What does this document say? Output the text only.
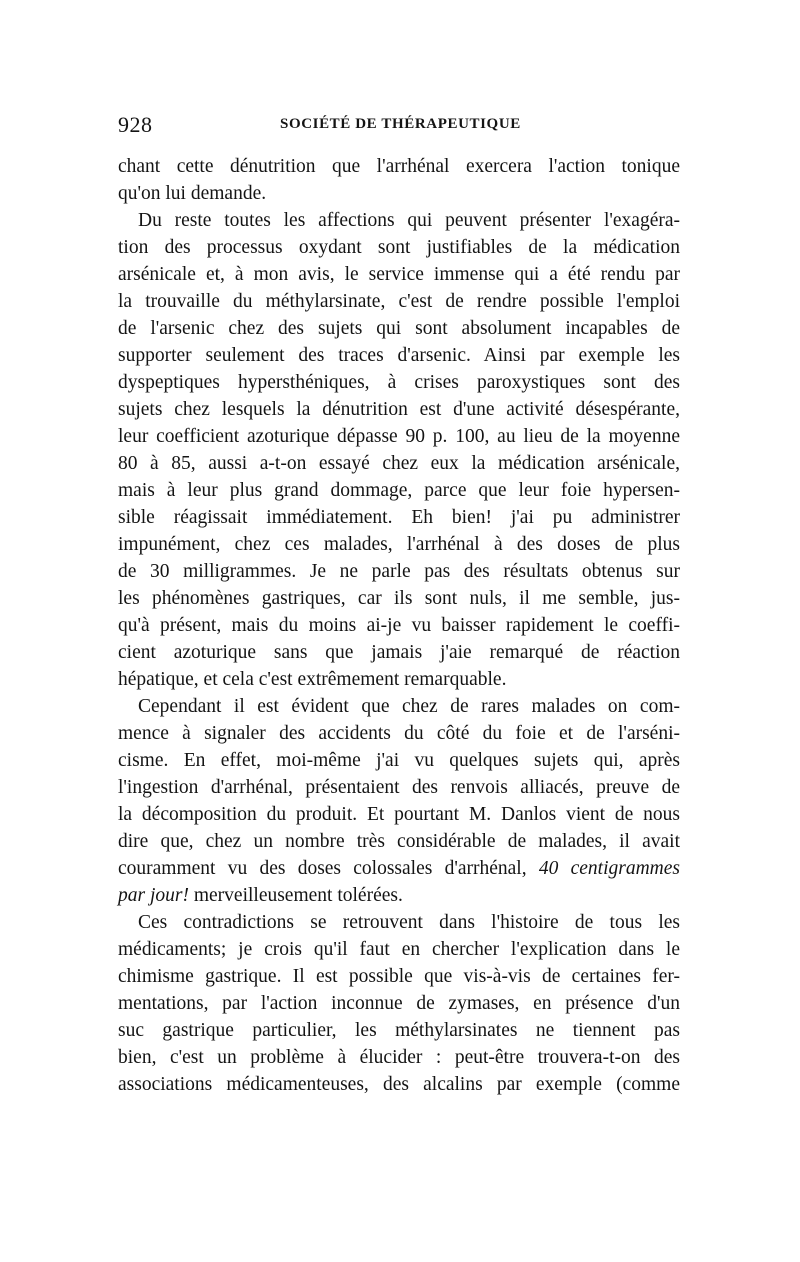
928	SOCIÉTÉ DE THÉRAPEUTIQUE
chant cette dénutrition que l'arrhénal exercera l'action tonique
qu'on lui demande.
Du reste toutes les affections qui peuvent présenter l'exagéra-
tion des processus oxydant sont justifiables de la médication
arsénicale et, à mon avis, le service immense qui a été rendu par
la trouvaille du méthylarsinate, c'est de rendre possible l'emploi
de l'arsenic chez des sujets qui sont absolument incapables de
supporter seulement des traces d'arsenic. Ainsi par exemple les
dyspeptiques hypersthéniques, à crises paroxystiques sont des
sujets chez lesquels la dénutrition est d'une activité désespérante,
leur coefficient azoturique dépasse 90 p. 100, au lieu de la moyenne
80 à 85, aussi a-t-on essayé chez eux la médication arsénicale,
mais à leur plus grand dommage, parce que leur foie hypersen-
sible réagissait immédiatement. Eh bien! j'ai pu administrer
impunément, chez ces malades, l'arrhénal à des doses de plus
de 30 milligrammes. Je ne parle pas des résultats obtenus sur
les phénomènes gastriques, car ils sont nuls, il me semble, jus-
qu'à présent, mais du moins ai-je vu baisser rapidement le coeffi-
cient azoturique sans que jamais j'aie remarqué de réaction
hépatique, et cela c'est extrêmement remarquable.
Cependant il est évident que chez de rares malades on com-
mence à signaler des accidents du côté du foie et de l'arséni-
cisme. En effet, moi-même j'ai vu quelques sujets qui, après
l'ingestion d'arrhénal, présentaient des renvois alliacés, preuve de
la décomposition du produit. Et pourtant M. Danlos vient de nous
dire que, chez un nombre très considérable de malades, il avait
couramment vu des doses colossales d'arrhénal, 40 centigrammes
par jour! merveilleusement tolérées.
Ces contradictions se retrouvent dans l'histoire de tous les
médicaments; je crois qu'il faut en chercher l'explication dans le
chimisme gastrique. Il est possible que vis-à-vis de certaines fer-
mentations, par l'action inconnue de zymases, en présence d'un
suc gastrique particulier, les méthylarsinates ne tiennent pas
bien, c'est un problème à élucider : peut-être trouvera-t-on des
associations médicamenteuses, des alcalins par exemple (comme
